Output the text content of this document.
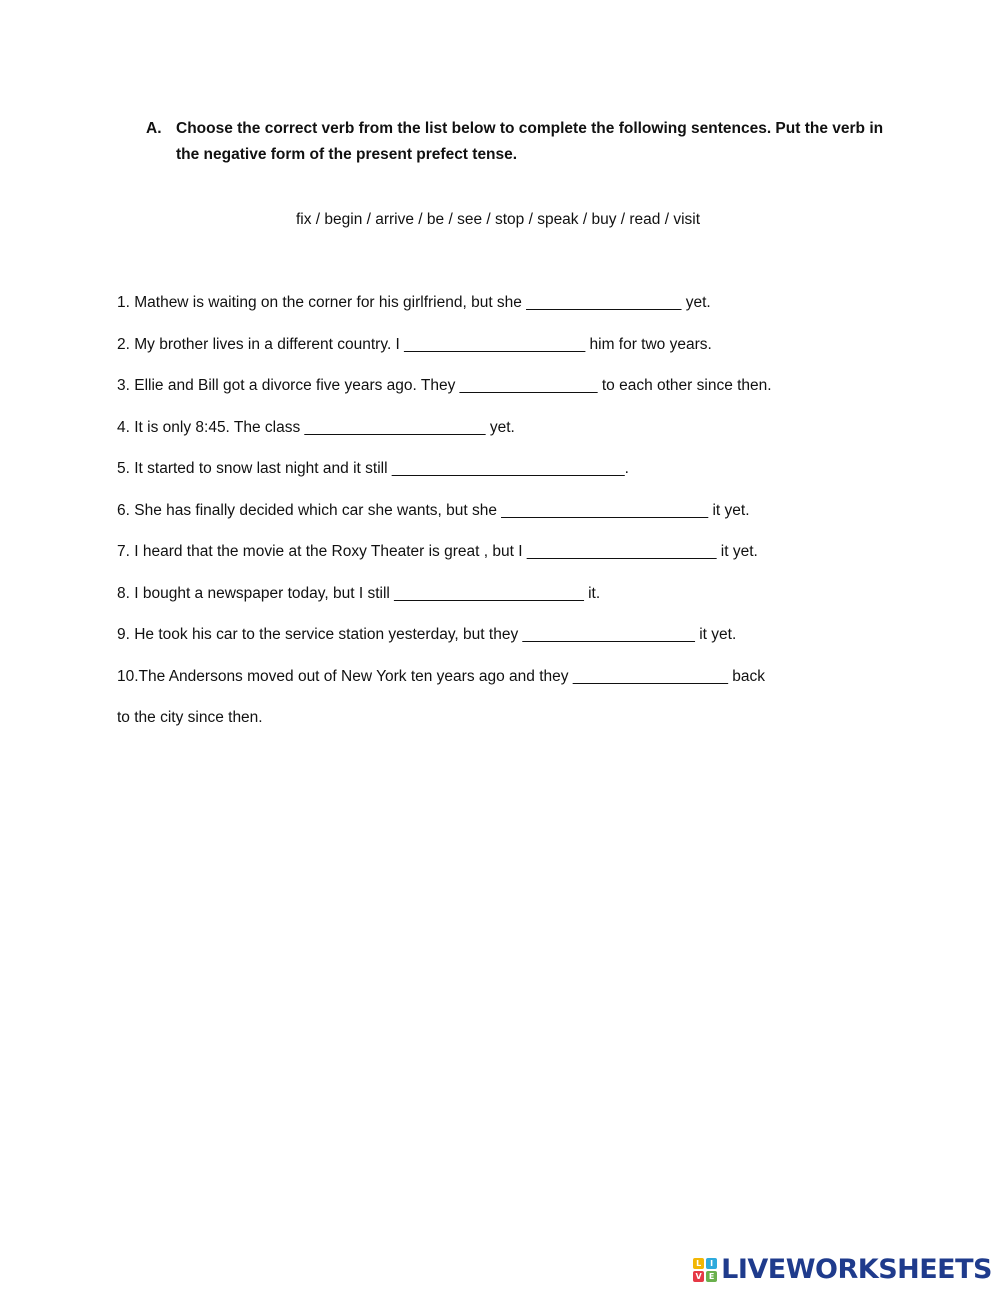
A. Choose the correct verb from the list below to complete the following sentences. Put the verb in the negative form of the present prefect tense.
fix / begin / arrive / be / see / stop / speak / buy / read / visit
1. Mathew is waiting on the corner for his girlfriend, but she __________________ yet.
2. My brother lives in a different country. I _____________________ him for two years.
3. Ellie and Bill got a divorce five years ago. They ________________ to each other since then.
4. It is only 8:45. The class _____________________ yet.
5. It started to snow last night and it still ___________________________.
6. She has finally decided which car she wants, but she ________________________ it yet.
7. I heard that the movie at the Roxy Theater is great , but I ______________________ it yet.
8. I bought a newspaper today, but I still ______________________ it.
9. He took his car to the service station yesterday, but they ____________________ it yet.
10.The Andersons moved out of New York ten years ago and they __________________ back
to the city since then.
L	I
V E LIVEWORKSHEETS
